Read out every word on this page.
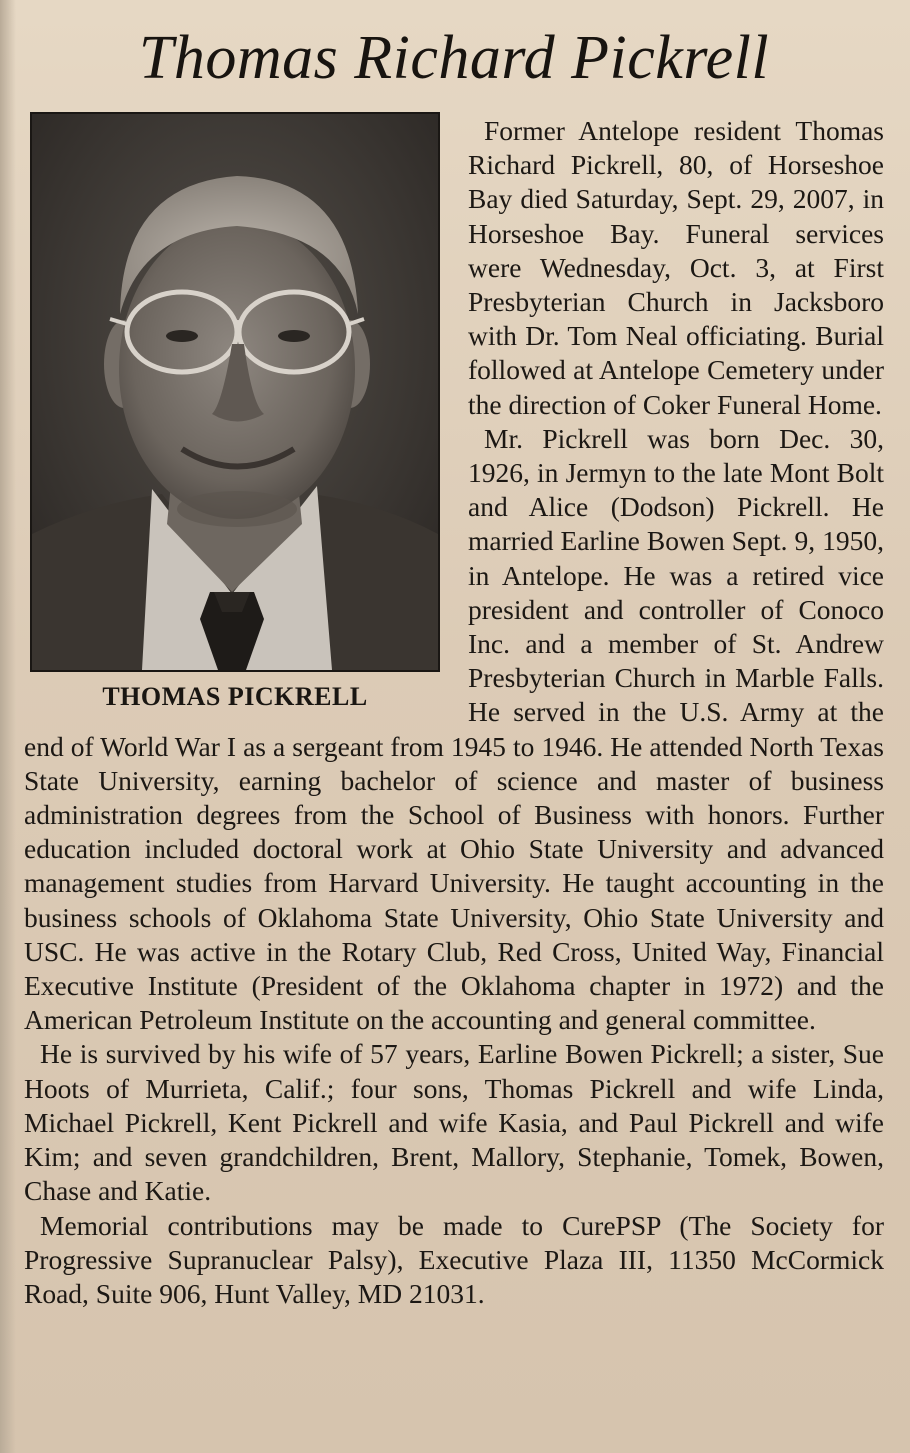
Thomas Richard Pickrell
THOMAS PICKRELL

Former Antelope resident Thomas Richard Pickrell, 80, of Horseshoe Bay died Saturday, Sept. 29, 2007, in Horseshoe Bay. Funeral services were Wednesday, Oct. 3, at First Presbyterian Church in Jacksboro with Dr. Tom Neal officiating. Burial followed at Antelope Cemetery under the direction of Coker Funeral Home.

Mr. Pickrell was born Dec. 30, 1926, in Jermyn to the late Mont Bolt and Alice (Dodson) Pickrell. He married Earline Bowen Sept. 9, 1950, in Antelope. He was a retired vice president and controller of Conoco Inc. and a member of St. Andrew Presbyterian Church in Marble Falls. He served in the U.S. Army at the end of World War I as a sergeant from 1945 to 1946. He attended North Texas State University, earning bachelor of science and master of business administration degrees from the School of Business with honors. Further education included doctoral work at Ohio State University and advanced management studies from Harvard University. He taught accounting in the business schools of Oklahoma State University, Ohio State University and USC. He was active in the Rotary Club, Red Cross, United Way, Financial Executive Institute (President of the Oklahoma chapter in 1972) and the American Petroleum Institute on the accounting and general committee.

He is survived by his wife of 57 years, Earline Bowen Pickrell; a sister, Sue Hoots of Murrieta, Calif.; four sons, Thomas Pickrell and wife Linda, Michael Pickrell, Kent Pickrell and wife Kasia, and Paul Pickrell and wife Kim; and seven grandchildren, Brent, Mallory, Stephanie, Tomek, Bowen, Chase and Katie.

Memorial contributions may be made to CurePSP (The Society for Progressive Supranuclear Palsy), Executive Plaza III, 11350 McCormick Road, Suite 906, Hunt Valley, MD 21031.
